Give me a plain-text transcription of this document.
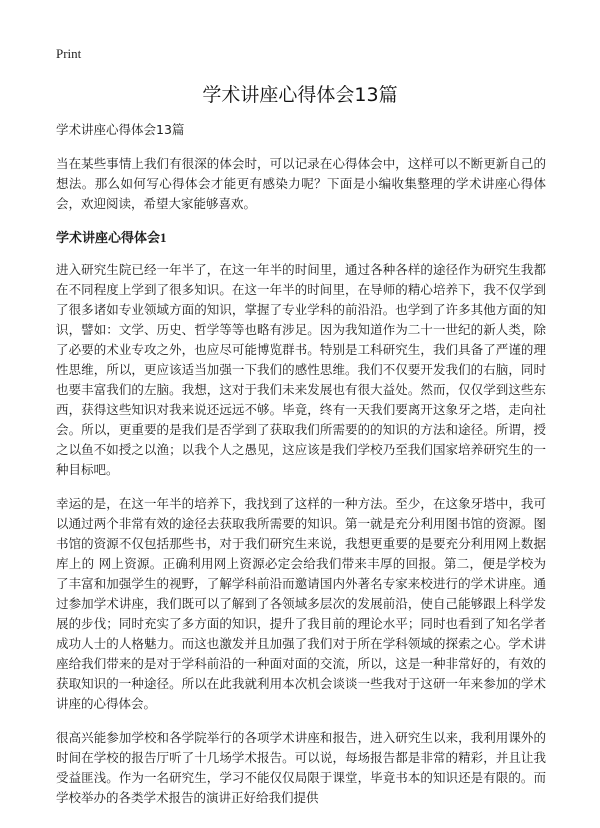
Print
学术讲座心得体会13篇

学术讲座心得体会13篇

当在某些事情上我们有很深的体会时，可以记录在心得体会中，这样可以不断更新自己的想法。那么如何写心得体会才能更有感染力呢？下面是小编收集整理的学术讲座心得体会，欢迎阅读，希望大家能够喜欢。

学术讲座心得体会1

进入研究生院已经一年半了，在这一年半的时间里，通过各种各样的途径作为研究生我都在不同程度上学到了很多知识。在这一年半的时间里，在导师的精心培养下，我不仅学到了很多诸如专业领域方面的知识，掌握了专业学科的前沿沿。也学到了许多其他方面的知识，譬如：文学、历史、哲学等等也略有涉足。因为我知道作为二十一世纪的新人类，除了必要的术业专攻之外，也应尽可能博览群书。特别是工科研究生，我们具备了严谨的理性思维，所以，更应该适当加强一下我们的感性思维。我们不仅要开发我们的右脑，同时也要丰富我们的左脑。我想，这对于我们未来发展也有很大益处。然而，仅仅学到这些东西，获得这些知识对我来说还远远不够。毕竟，终有一天我们要离开这象牙之塔，走向社会。所以，更重要的是我们是否学到了获取我们所需要的的知识的方法和途径。所谓，授之以鱼不如授之以渔；以我个人之愚见，这应该是我们学校乃至我们国家培养研究生的一种目标吧。

幸运的是，在这一年半的培养下，我找到了这样的一种方法。至少，在这象牙塔中，我可以通过两个非常有效的途径去获取我所需要的知识。第一就是充分利用图书馆的资源。图书馆的资源不仅包括那些书，对于我们研究生来说，我想更重要的是要充分利用网上数据库上的 网上资源。正确利用网上资源必定会给我们带来丰厚的回报。第二，便是学校为了丰富和加强学生的视野，了解学科前沿而邀请国内外著名专家来校进行的学术讲座。通过参加学术讲座，我们既可以了解到了各领域多层次的发展前沿，使自己能够跟上科学发展的步伐；同时充实了多方面的知识，提升了我目前的理论水平；同时也看到了知名学者成功人士的人格魅力。而这也激发并且加强了我们对于所在学科领域的探索之心。学术讲座给我们带来的是对于学科前沿的一种面对面的交流，所以，这是一种非常好的，有效的获取知识的一种途径。所以在此我就利用本次机会谈谈一些我对于这研一年来参加的学术讲座的心得体会。

很高兴能参加学校和各学院举行的各项学术讲座和报告，进入研究生以来，我利用课外的时间在学校的报告厅听了十几场学术报告。可以说，每场报告都是非常的精彩，并且让我受益匪浅。作为一名研究生，学习不能仅仅局限于课堂，毕竟书本的知识还是有限的。而学校举办的各类学术报告的演讲正好给我们提供
